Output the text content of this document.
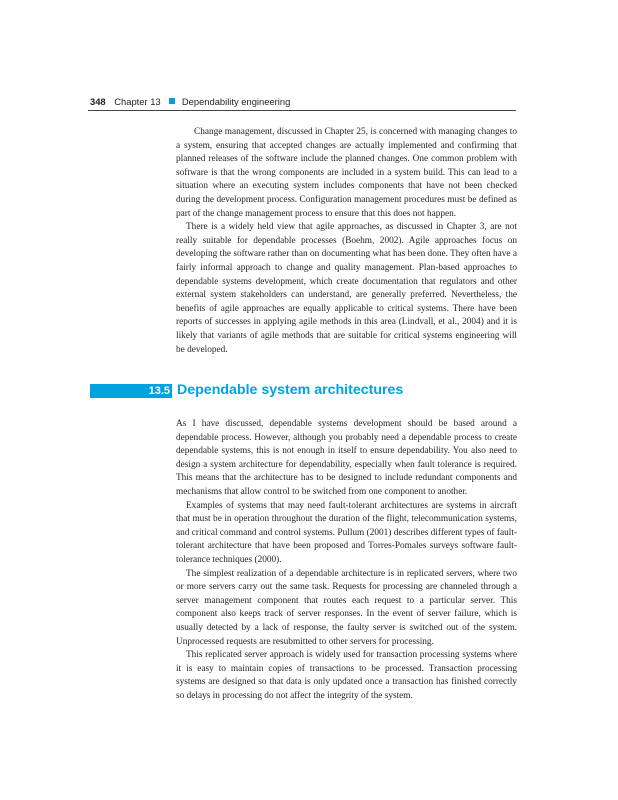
348 Chapter 13 Dependability engineering

Change management, discussed in Chapter 25, is concerned with managing changes to a system, ensuring that accepted changes are actually implemented and confirming that planned releases of the software include the planned changes. One common problem with software is that the wrong components are included in a system build. This can lead to a situation where an executing system includes components that have not been checked during the development process. Configuration management procedures must be defined as part of the change management process to ensure that this does not happen.

There is a widely held view that agile approaches, as discussed in Chapter 3, are not really suitable for dependable processes (Boehm, 2002). Agile approaches focus on developing the software rather than on documenting what has been done. They often have a fairly informal approach to change and quality management. Plan-based approaches to dependable systems development, which create documentation that regulators and other external system stakeholders can understand, are generally preferred. Nevertheless, the benefits of agile approaches are equally applicable to critical systems. There have been reports of successes in applying agile methods in this area (Lindvall, et al., 2004) and it is likely that variants of agile methods that are suitable for critical systems engineering will be developed.

13.5 Dependable system architectures

As I have discussed, dependable systems development should be based around a dependable process. However, although you probably need a dependable process to create dependable systems, this is not enough in itself to ensure dependability. You also need to design a system architecture for dependability, especially when fault tolerance is required. This means that the architecture has to be designed to include redundant components and mechanisms that allow control to be switched from one component to another.

Examples of systems that may need fault-tolerant architectures are systems in aircraft that must be in operation throughout the duration of the flight, telecommunication systems, and critical command and control systems. Pullum (2001) describes different types of fault-tolerant architecture that have been proposed and Torres-Pomales surveys software fault-tolerance techniques (2000).

The simplest realization of a dependable architecture is in replicated servers, where two or more servers carry out the same task. Requests for processing are channeled through a server management component that routes each request to a particular server. This component also keeps track of server responses. In the event of server failure, which is usually detected by a lack of response, the faulty server is switched out of the system. Unprocessed requests are resubmitted to other servers for processing.

This replicated server approach is widely used for transaction processing systems where it is easy to maintain copies of transactions to be processed. Transaction processing systems are designed so that data is only updated once a transaction has finished correctly so delays in processing do not affect the integrity of the system.
